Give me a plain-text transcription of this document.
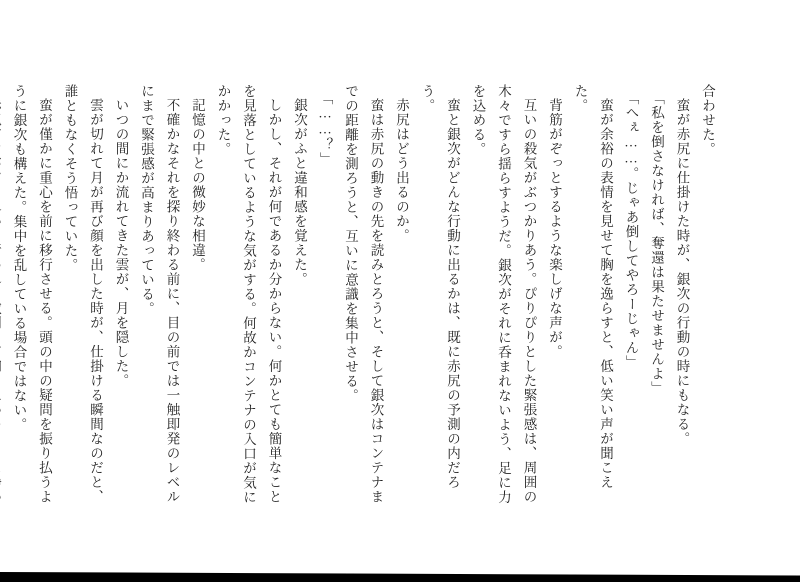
合わせた。

蛮が赤尻に仕掛けた時が、銀次の行動の時にもなる。

「私を倒さなければ、奪還は果たせませんよ」

「へぇ……。じゃあ倒してやろーじゃん」

蛮が余裕の表情を見せて胸を逸らすと、低い笑い声が聞こえた。

背筋がぞっとするような楽しげな声が。

互いの殺気がぶつかりあう。ぴりぴりとした緊張感は、周囲の木々ですら揺らすようだ。銀次がそれに呑まれないよう、足に力を込める。

蛮と銀次がどんな行動に出るかは、既に赤尻の予測の内だろう。

赤尻はどう出るのか。

蛮は赤尻の動きの先を読みとろうと、そして銀次はコンテナまでの距離を測ろうと、互いに意識を集中させる。

「……？」

銀次がふと違和感を覚えた。

しかし、それが何であるか分からない。何かとても簡単なことを見落としているような気がする。何故かコンテナの入口が気にかかった。

記憶の中との微妙な相違。

不確かなそれを探り終わる前に、目の前では一触即発のレベルにまで緊張感が高まりあっている。

いつの間にか流れてきた雲が、月を隠した。

雲が切れて月が再び顔を出した時が、仕掛ける瞬間なのだと、誰ともなくそう悟っていた。

蛮が僅かに重心を前に移行させる。頭の中の疑問を振り払うように銀次も構えた。集中を乱している場合ではない。
